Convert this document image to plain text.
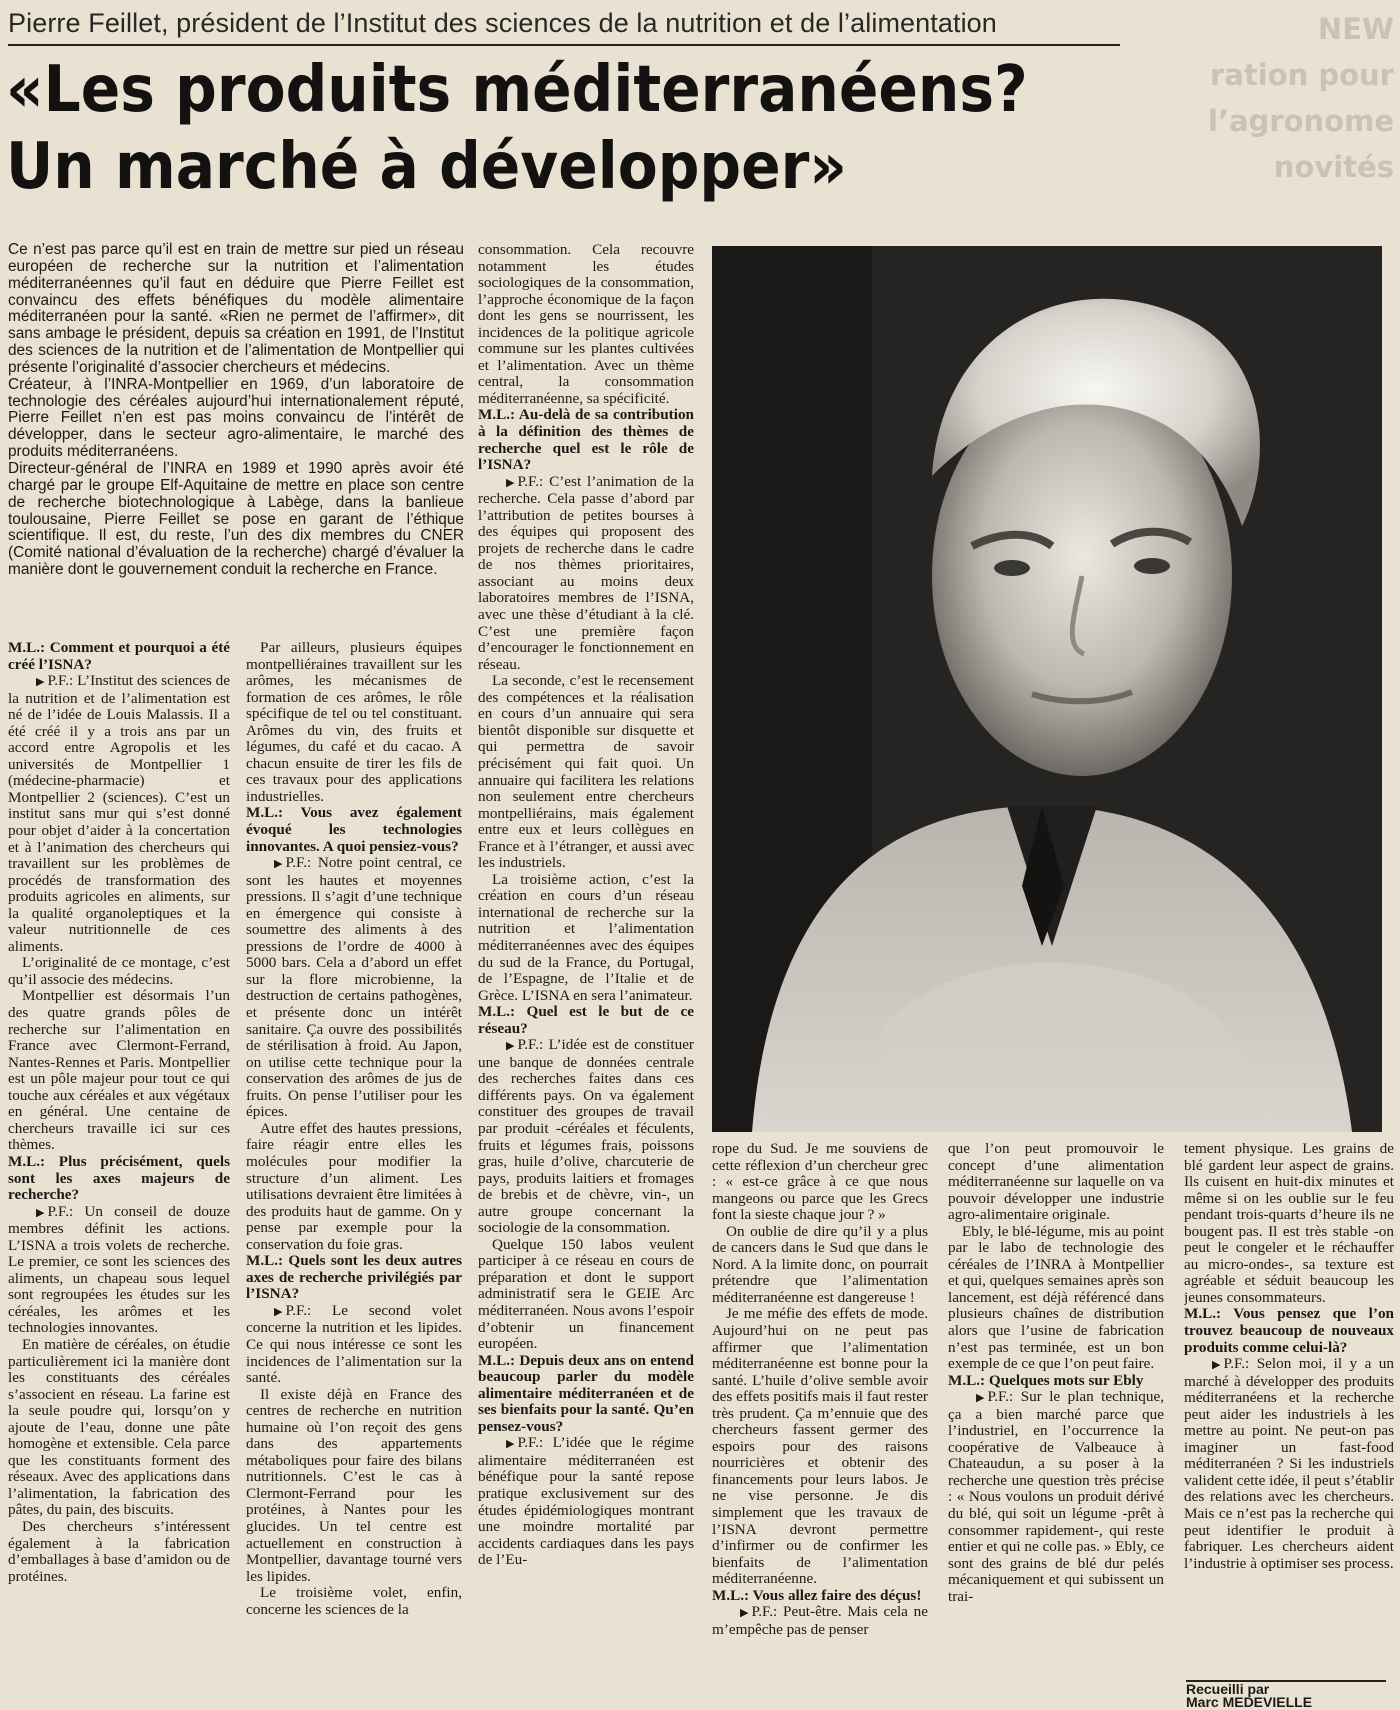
Pierre Feillet, président de l’Institut des sciences de la nutrition et de l’alimentation
«Les produits méditerranéens?
Un marché à développer»
NEW
ration pour
l’agronome
novités

Ce n’est pas parce qu’il est en train de mettre sur pied un réseau européen de recherche sur la nutrition et l’alimentation méditerranéennes qu’il faut en déduire que Pierre Feillet est convaincu des effets bénéfiques du modèle alimentaire méditerranéen pour la santé. «Rien ne permet de l’affirmer», dit sans ambage le président, depuis sa création en 1991, de l’Institut des sciences de la nutrition et de l’alimentation de Montpellier qui présente l’originalité d’associer chercheurs et médecins.

Créateur, à l’INRA-Montpellier en 1969, d’un laboratoire de technologie des céréales aujourd’hui internationalement réputé, Pierre Feillet n’en est pas moins convaincu de l’intérêt de développer, dans le secteur agro-alimentaire, le marché des produits méditerranéens.

Directeur-général de l’INRA en 1989 et 1990 après avoir été chargé par le groupe Elf-Aquitaine de mettre en place son centre de recherche biotechnologique à Labège, dans la banlieue toulousaine, Pierre Feillet se pose en garant de l’éthique scientifique. Il est, du reste, l’un des dix membres du CNER (Comité national d’évaluation de la recherche) chargé d’évaluer la manière dont le gouvernement conduit la recherche en France.

M.L.: Comment et pourquoi a été créé l’ISNA?

▶ P.F.: L’Institut des sciences de la nutrition et de l’alimentation est né de l’idée de Louis Malassis. Il a été créé il y a trois ans par un accord entre Agropolis et les universités de Montpellier 1 (médecine-pharmacie) et Montpellier 2 (sciences). C’est un institut sans mur qui s’est donné pour objet d’aider à la concertation et à l’animation des chercheurs qui travaillent sur les problèmes de procédés de transformation des produits agricoles en aliments, sur la qualité organoleptiques et la valeur nutritionnelle de ces aliments.

L’originalité de ce montage, c’est qu’il associe des médecins.

Montpellier est désormais l’un des quatre grands pôles de recherche sur l’alimentation en France avec Clermont-Ferrand, Nantes-Rennes et Paris. Montpellier est un pôle majeur pour tout ce qui touche aux céréales et aux végétaux en général. Une centaine de chercheurs travaille ici sur ces thèmes.

M.L.: Plus précisément, quels sont les axes majeurs de recherche?

▶ P.F.: Un conseil de douze membres définit les actions. L’ISNA a trois volets de recherche. Le premier, ce sont les sciences des aliments, un chapeau sous lequel sont regroupées les études sur les céréales, les arômes et les technologies innovantes.

En matière de céréales, on étudie particulièrement ici la manière dont les constituants des céréales s’associent en réseau. La farine est la seule poudre qui, lorsqu’on y ajoute de l’eau, donne une pâte homogène et extensible. Cela parce que les constituants forment des réseaux. Avec des applications dans l’alimentation, la fabrication des pâtes, du pain, des biscuits.

Des chercheurs s’intéressent également à la fabrication d’emballages à base d’amidon ou de protéines.

Par ailleurs, plusieurs équipes montpelliéraines travaillent sur les arômes, les mécanismes de formation de ces arômes, le rôle spécifique de tel ou tel constituant. Arômes du vin, des fruits et légumes, du café et du cacao. A chacun ensuite de tirer les fils de ces travaux pour des applications industrielles.

M.L.: Vous avez également évoqué les technologies innovantes. A quoi pensiez-vous?

▶ P.F.: Notre point central, ce sont les hautes et moyennes pressions. Il s’agit d’une technique en émergence qui consiste à soumettre des aliments à des pressions de l’ordre de 4000 à 5000 bars. Cela a d’abord un effet sur la flore microbienne, la destruction de certains pathogènes, et présente donc un intérêt sanitaire. Ça ouvre des possibilités de stérilisation à froid. Au Japon, on utilise cette technique pour la conservation des arômes de jus de fruits. On pense l’utiliser pour les épices.

Autre effet des hautes pressions, faire réagir entre elles les molécules pour modifier la structure d’un aliment. Les utilisations devraient être limitées à des produits haut de gamme. On y pense par exemple pour la conservation du foie gras.

M.L.: Quels sont les deux autres axes de recherche privilégiés par l’ISNA?

▶ P.F.: Le second volet concerne la nutrition et les lipides. Ce qui nous intéresse ce sont les incidences de l’alimentation sur la santé.

Il existe déjà en France des centres de recherche en nutrition humaine où l’on reçoit des gens dans des appartements métaboliques pour faire des bilans nutritionnels. C’est le cas à Clermont-Ferrand pour les protéines, à Nantes pour les glucides. Un tel centre est actuellement en construction à Montpellier, davantage tourné vers les lipides.

Le troisième volet, enfin, concerne les sciences de la

consommation. Cela recouvre notamment les études sociologiques de la consommation, l’approche économique de la façon dont les gens se nourrissent, les incidences de la politique agricole commune sur les plantes cultivées et l’alimentation. Avec un thème central, la consommation méditerranéenne, sa spécificité.

M.L.: Au-delà de sa contribution à la définition des thèmes de recherche quel est le rôle de l’ISNA?

▶ P.F.: C’est l’animation de la recherche. Cela passe d’abord par l’attribution de petites bourses à des équipes qui proposent des projets de recherche dans le cadre de nos thèmes prioritaires, associant au moins deux laboratoires membres de l’ISNA, avec une thèse d’étudiant à la clé. C’est une première façon d’encourager le fonctionnement en réseau.

La seconde, c’est le recensement des compétences et la réalisation en cours d’un annuaire qui sera bientôt disponible sur disquette et qui permettra de savoir précisément qui fait quoi. Un annuaire qui facilitera les relations non seulement entre chercheurs montpelliérains, mais également entre eux et leurs collègues en France et à l’étranger, et aussi avec les industriels.

La troisième action, c’est la création en cours d’un réseau international de recherche sur la nutrition et l’alimentation méditerranéennes avec des équipes du sud de la France, du Portugal, de l’Espagne, de l’Italie et de Grèce. L’ISNA en sera l’animateur.

M.L.: Quel est le but de ce réseau?

▶ P.F.: L’idée est de constituer une banque de données centrale des recherches faites dans ces différents pays. On va également constituer des groupes de travail par produit -céréales et féculents, fruits et légumes frais, poissons gras, huile d’olive, charcuterie de pays, produits laitiers et fromages de brebis et de chèvre, vin-, un autre groupe concernant la sociologie de la consommation.

Quelque 150 labos veulent participer à ce réseau en cours de préparation et dont le support administratif sera le GEIE Arc méditerranéen. Nous avons l’espoir d’obtenir un financement européen.

M.L.: Depuis deux ans on entend beaucoup parler du modèle alimentaire méditerranéen et de ses bienfaits pour la santé. Qu’en pensez-vous?

▶ P.F.: L’idée que le régime alimentaire méditerranéen est bénéfique pour la santé repose pratique exclusivement sur des études épidémiologiques montrant une moindre mortalité par accidents cardiaques dans les pays de l’Eu-

rope du Sud. Je me souviens de cette réflexion d’un chercheur grec : « est-ce grâce à ce que nous mangeons ou parce que les Grecs font la sieste chaque jour ? »

On oublie de dire qu’il y a plus de cancers dans le Sud que dans le Nord. A la limite donc, on pourrait prétendre que l’alimentation méditerranéenne est dangereuse !

Je me méfie des effets de mode. Aujourd’hui on ne peut pas affirmer que l’alimentation méditerranéenne est bonne pour la santé. L’huile d’olive semble avoir des effets positifs mais il faut rester très prudent. Ça m’ennuie que des chercheurs fassent germer des espoirs pour des raisons nourricières et obtenir des financements pour leurs labos. Je ne vise personne. Je dis simplement que les travaux de l’ISNA devront permettre d’infirmer ou de confirmer les bienfaits de l’alimentation méditerranéenne.

M.L.: Vous allez faire des déçus!

▶ P.F.: Peut-être. Mais cela ne m’empêche pas de penser

que l’on peut promouvoir le concept d’une alimentation méditerranéenne sur laquelle on va pouvoir développer une industrie agro-alimentaire originale.

Ebly, le blé-légume, mis au point par le labo de technologie des céréales de l’INRA à Montpellier et qui, quelques semaines après son lancement, est déjà référencé dans plusieurs chaînes de distribution alors que l’usine de fabrication n’est pas terminée, est un bon exemple de ce que l’on peut faire.

M.L.: Quelques mots sur Ebly

▶ P.F.: Sur le plan technique, ça a bien marché parce que l’industriel, en l’occurrence la coopérative de Valbeauce à Chateaudun, a su poser à la recherche une question très précise : « Nous voulons un produit dérivé du blé, qui soit un légume -prêt à consommer rapidement-, qui reste entier et qui ne colle pas. » Ebly, ce sont des grains de blé dur pelés mécaniquement et qui subissent un trai-

tement physique. Les grains de blé gardent leur aspect de grains. Ils cuisent en huit-dix minutes et même si on les oublie sur le feu pendant trois-quarts d’heure ils ne bougent pas. Il est très stable -on peut le congeler et le réchauffer au micro-ondes-, sa texture est agréable et séduit beaucoup les jeunes consommateurs.

M.L.: Vous pensez que l’on trouvez beaucoup de nouveaux produits comme celui-là?

▶ P.F.: Selon moi, il y a un marché à développer des produits méditerranéens et la recherche peut aider les industriels à les mettre au point. Ne peut-on pas imaginer un fast-food méditerranéen ? Si les industriels valident cette idée, il peut s’établir des relations avec les chercheurs. Mais ce n’est pas la recherche qui peut identifier le produit à fabriquer. Les chercheurs aident l’industrie à optimiser ses process.

Recueilli par
Marc MEDEVIELLE
